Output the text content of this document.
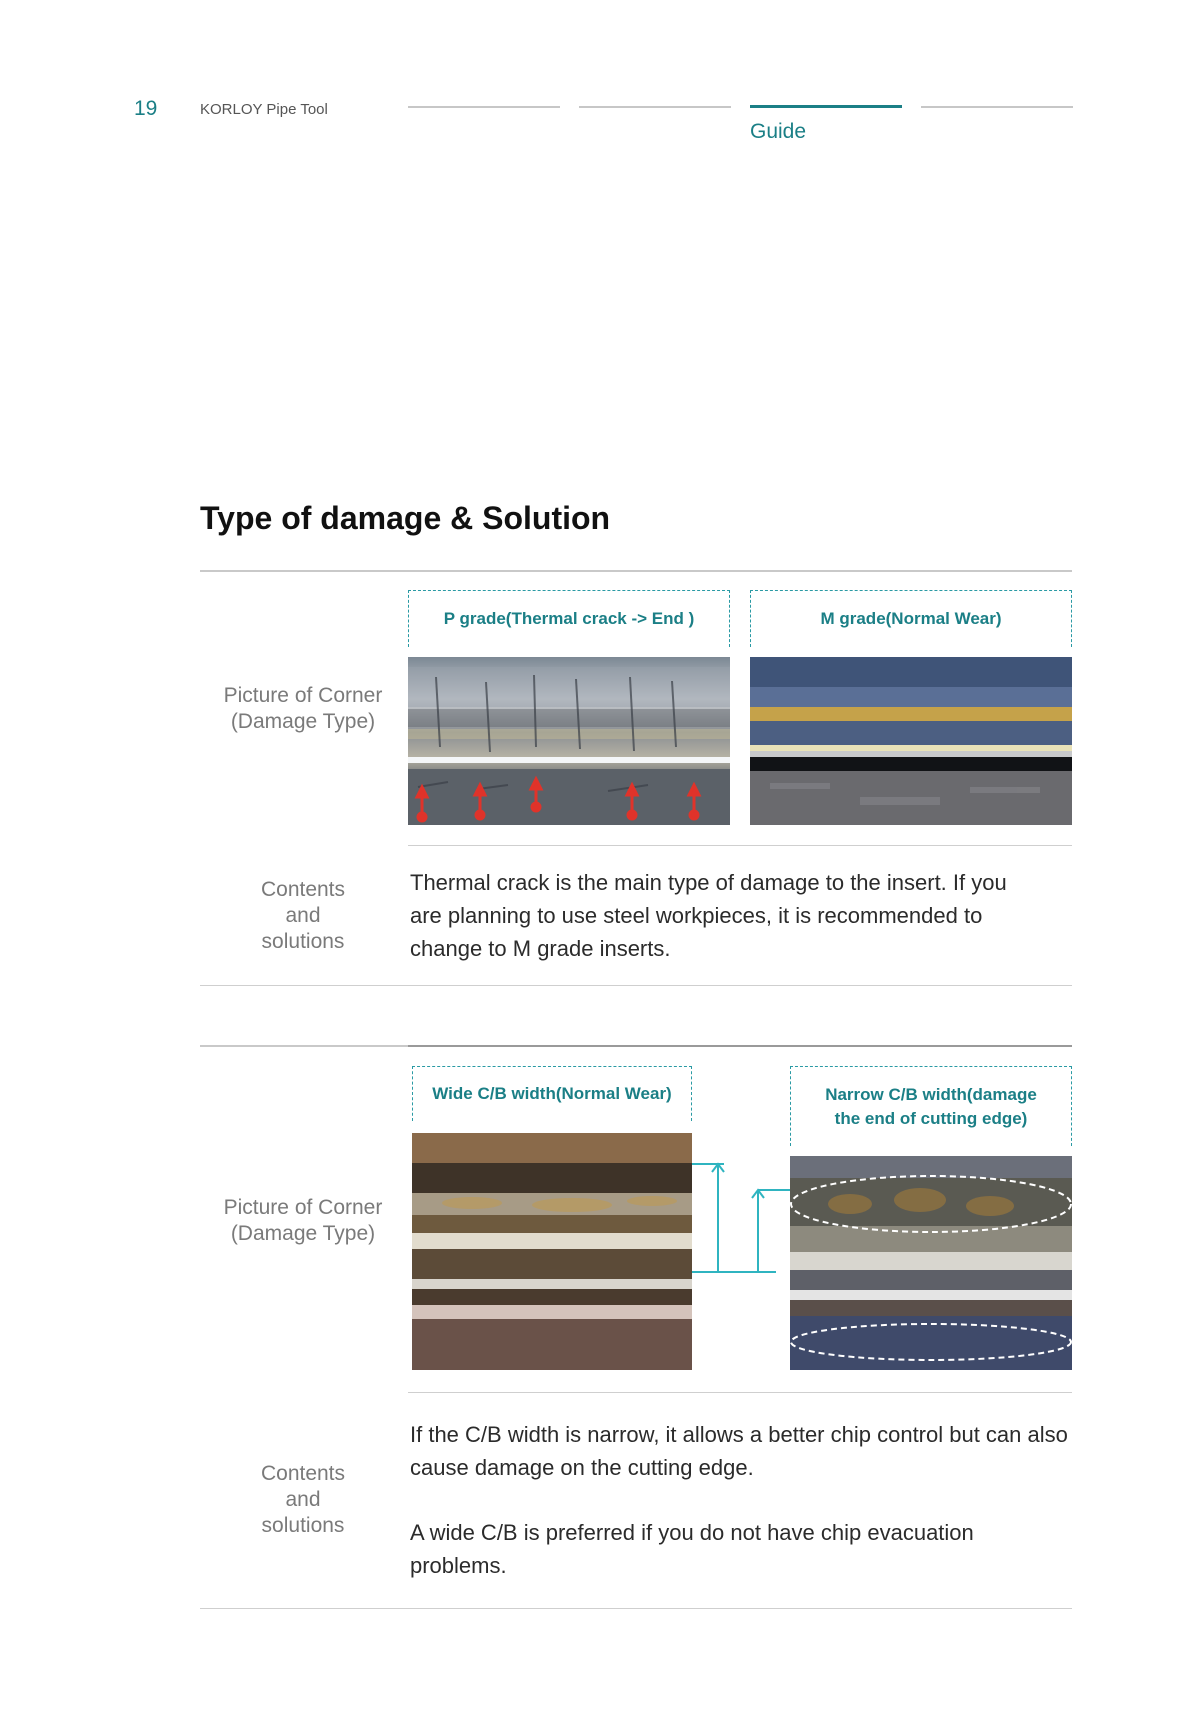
19	KORLOY Pipe Tool
Guide
Type of damage & Solution
P grade(Thermal crack -> End )	M grade(Normal Wear)
Picture of Corner
(Damage Type)
Contents
and
solutions
Thermal crack is the main type of damage to the insert. If you are planning to use steel workpieces, it is recommended to change to M grade inserts.
Wide C/B width(Normal Wear)	Narrow C/B width(damage
the end of cutting edge)
Picture of Corner
(Damage Type)
Contents
and
solutions
If the C/B width is narrow, it allows a better chip control but can also cause damage on the cutting edge.
A wide C/B is preferred if you do not have chip evacuation problems.
